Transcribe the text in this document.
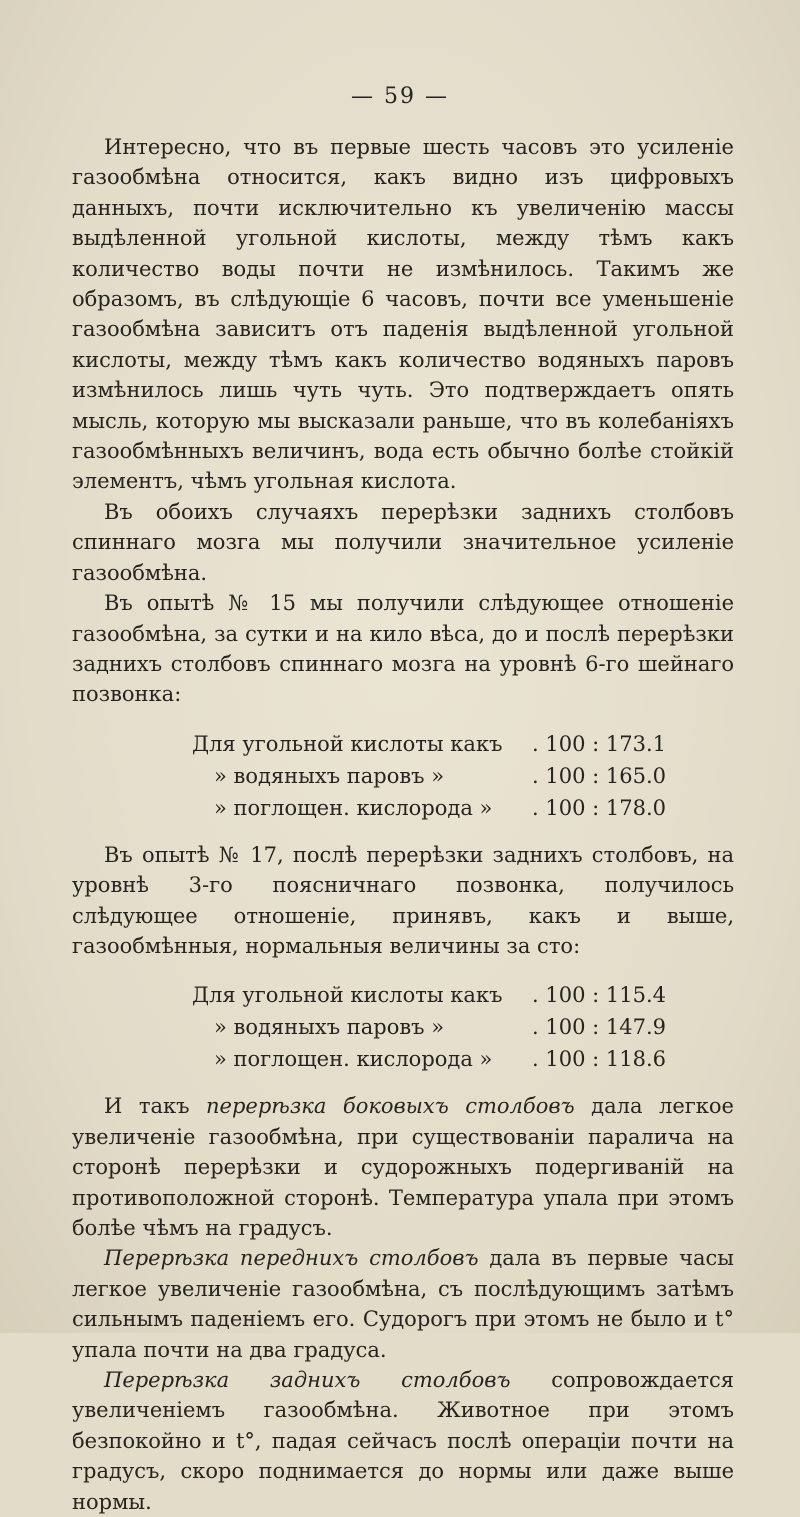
— 59 —

Интересно, что въ первые шесть часовъ это усиленіе газообмѣна относится, какъ видно изъ цифровыхъ данныхъ, почти исключительно къ увеличенію массы выдѣленной угольной кислоты, между тѣмъ какъ количество воды почти не измѣнилось. Такимъ же образомъ, въ слѣдующіе 6 часовъ, почти все уменьшеніе газообмѣна зависитъ отъ паденія выдѣленной угольной кислоты, между тѣмъ какъ количество водяныхъ паровъ измѣнилось лишь чуть чуть. Это подтверждаетъ опять мысль, которую мы высказали раньше, что въ колебаніяхъ газообмѣнныхъ величинъ, вода есть обычно болѣе стойкій элементъ, чѣмъ угольная кислота.

Въ обоихъ случаяхъ перерѣзки заднихъ столбовъ спиннаго мозга мы получили значительное усиленіе газообмѣна.

Въ опытѣ № 15 мы получили слѣдующее отношеніе газообмѣна, за сутки и на кило вѣса, до и послѣ перерѣзки заднихъ столбовъ спиннаго мозга на уровнѣ 6-го шейнаго позвонка:

Для угольной кислоты какъ	. 100 : 173.1
» водяныхъ паровъ »	. 100 : 165.0
» поглощен. кислорода »	. 100 : 178.0

Въ опытѣ № 17, послѣ перерѣзки заднихъ столбовъ, на уровнѣ 3-го поясничнаго позвонка, получилось слѣдующее отношеніе, принявъ, какъ и выше, газообмѣнныя, нормальныя величины за сто:

Для угольной кислоты какъ	. 100 : 115.4
» водяныхъ паровъ »	. 100 : 147.9
» поглощен. кислорода »	. 100 : 118.6

И такъ перерѣзка боковыхъ столбовъ дала легкое увеличеніе газообмѣна, при существованіи паралича на сторонѣ перерѣзки и судорожныхъ подергиваній на противоположной сторонѣ. Температура упала при этомъ болѣе чѣмъ на градусъ.

Перерѣзка переднихъ столбовъ дала въ первые часы легкое увеличеніе газообмѣна, съ послѣдующимъ затѣмъ сильнымъ паденіемъ его. Судорогъ при этомъ не было и t° упала почти на два градуса.

Перерѣзка заднихъ столбовъ сопровождается увеличеніемъ газообмѣна. Животное при этомъ безпокойно и t°, падая сейчасъ послѣ операціи почти на градусъ, скоро поднимается до нормы или даже выше нормы.
